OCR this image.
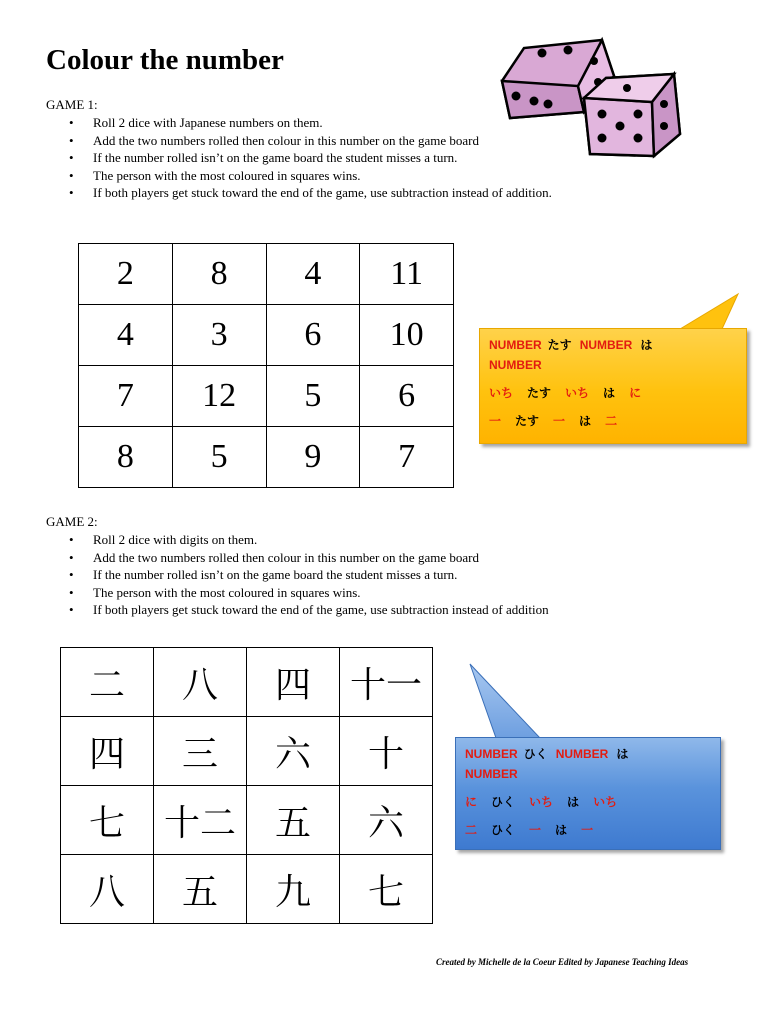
Colour the number
GAME 1:
• Roll 2 dice with Japanese numbers on them.
• Add the two numbers rolled then colour in this number on the game board
• If the number rolled isn’t on the game board the student misses a turn.
• The person with the most coloured in squares wins.
• If both players get stuck toward the end of the game, use subtraction instead of addition.
2	8	4	11
4	3	6	10
7	12	5	6
8	5	9	7
NUMBER たす NUMBER は
NUMBER
いち たす いち は に
一 たす 一 は 二
GAME 2:
• Roll 2 dice with digits on them.
• Add the two numbers rolled then colour in this number on the game board
• If the number rolled isn’t on the game board the student misses a turn.
• The person with the most coloured in squares wins.
• If both players get stuck toward the end of the game, use subtraction instead of addition
二	八	四	十一
四	三	六	十
七	十二	五	六
八	五	九	七
NUMBER ひく NUMBER は
NUMBER
に ひく いち は いち
二 ひく 一 は 一
Created by Michelle de la Coeur Edited by Japanese Teaching Ideas
